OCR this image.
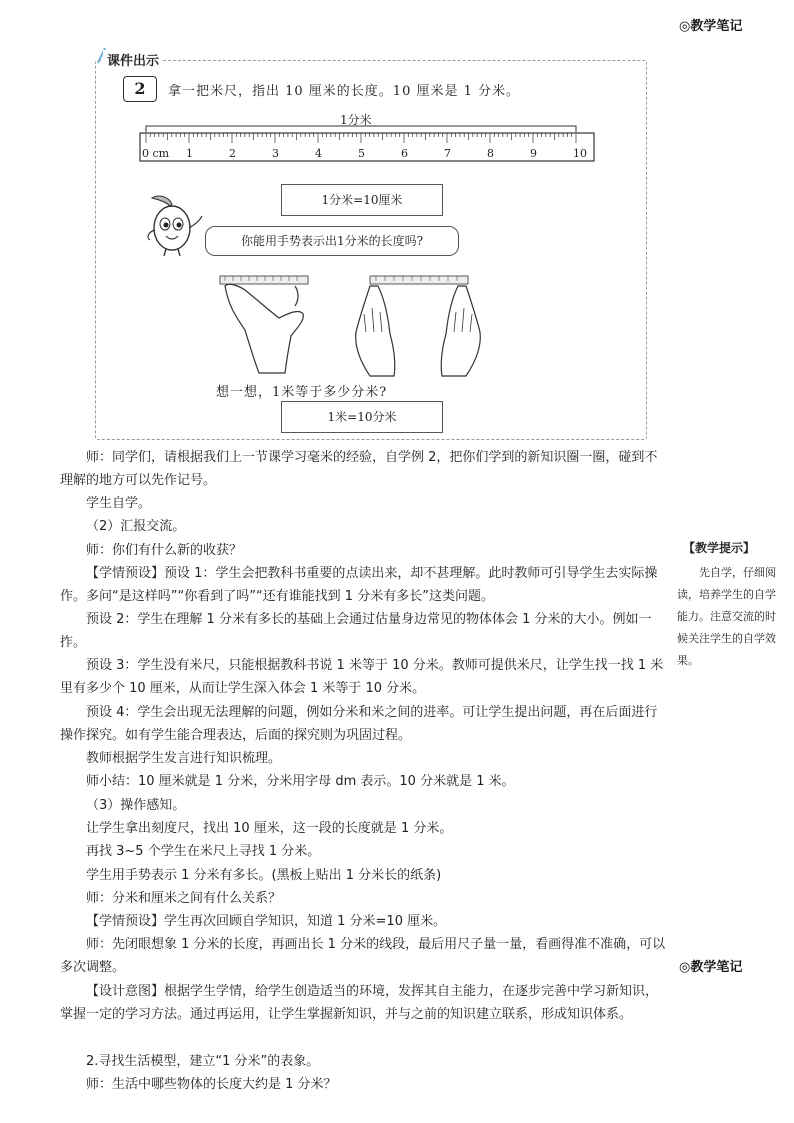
◎教学笔记
课件出示
2	拿一把米尺，指出 10 厘米的长度。10 厘米是 1 分米。
1分米
0 cm 1	2	3	4	5	6	7	8	9	10
1分米=10厘米
你能用手势表示出1分米的长度吗?
想一想，1米等于多少分米?
1米=10分米
师：同学们，请根据我们上一节课学习毫米的经验，自学例 2，把你们学到的新知识圈一圈，碰到不理解的地方可以先作记号。
学生自学。
（2）汇报交流。
师：你们有什么新的收获？
【学情预设】预设 1：学生会把教科书重要的点读出来，却不甚理解。此时教师可引导学生去实际操作。多问“是这样吗”“你看到了吗”“还有谁能找到 1 分米有多长”这类问题。
预设 2：学生在理解 1 分米有多长的基础上会通过估量身边常见的物体体会 1 分米的大小。例如一拃。
预设 3：学生没有米尺，只能根据教科书说 1 米等于 10 分米。教师可提供米尺，让学生找一找 1 米里有多少个 10 厘米，从而让学生深入体会 1 米等于 10 分米。
预设 4：学生会出现无法理解的问题，例如分米和米之间的进率。可让学生提出问题，再在后面进行操作探究。如有学生能合理表达，后面的探究则为巩固过程。
教师根据学生发言进行知识梳理。
师小结：10 厘米就是 1 分米，分米用字母 dm 表示。10 分米就是 1 米。
（3）操作感知。
让学生拿出刻度尺，找出 10 厘米，这一段的长度就是 1 分米。
再找 3~5 个学生在米尺上寻找 1 分米。
学生用手势表示 1 分米有多长。(黑板上贴出 1 分米长的纸条)
师：分米和厘米之间有什么关系？
【学情预设】学生再次回顾自学知识，知道 1 分米=10 厘米。
师：先闭眼想象 1 分米的长度，再画出长 1 分米的线段，最后用尺子量一量，看画得准不准确，可以多次调整。
【设计意图】根据学生学情，给学生创造适当的环境，发挥其自主能力，在逐步完善中学习新知识，掌握一定的学习方法。通过再运用，让学生掌握新知识，并与之前的知识建立联系，形成知识体系。
2.寻找生活模型，建立“1 分米”的表象。
师：生活中哪些物体的长度大约是 1 分米？
【教学提示】
先自学，仔细阅读，培养学生的自学能力。注意交流的时候关注学生的自学效果。
◎教学笔记
